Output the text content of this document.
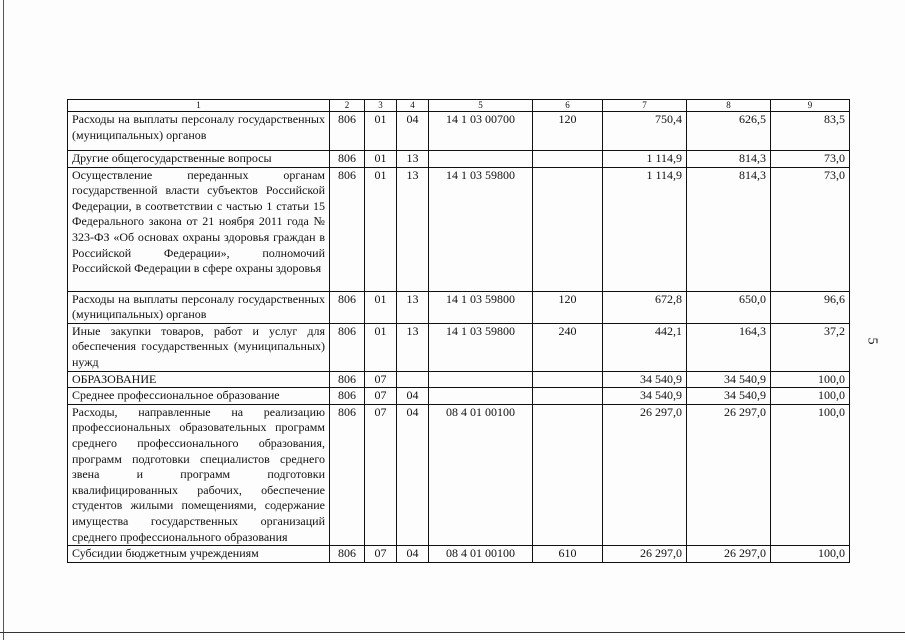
1	2	3	4	5	6	7	8	9
Расходы на выплаты персоналу государственных (муниципальных) органов	806	01	04	14 1 03 00700	120	750,4	626,5	83,5
Другие общегосударственные вопросы	806	01	13			1 114,9	814,3	73,0
Осуществление переданных органам государственной власти субъектов Российской Федерации, в соответствии с частью 1 статьи 15 Федерального закона от 21 ноября 2011 года № 323-ФЗ «Об основах охраны здоровья граждан в Российской Федерации», полномочий Российской Федерации в сфере охраны здоровья	806	01	13	14 1 03 59800		1 114,9	814,3	73,0
Расходы на выплаты персоналу государственных (муниципальных) органов	806	01	13	14 1 03 59800	120	672,8	650,0	96,6
Иные закупки товаров, работ и услуг для обеспечения государственных (муниципальных) нужд	806	01	13	14 1 03 59800	240	442,1	164,3	37,2
ОБРАЗОВАНИЕ	806	07				34 540,9	34 540,9	100,0
Среднее профессиональное образование	806	07	04			34 540,9	34 540,9	100,0
Расходы, направленные на реализацию профессиональных образовательных программ среднего профессионального образования, программ подготовки специалистов среднего звена и программ подготовки квалифицированных рабочих, обеспечение студентов жилыми помещениями, содержание имущества государственных организаций среднего профессионального образования	806	07	04	08 4 01 00100		26 297,0	26 297,0	100,0
Субсидии бюджетным учреждениям	806	07	04	08 4 01 00100	610	26 297,0	26 297,0	100,0
5
